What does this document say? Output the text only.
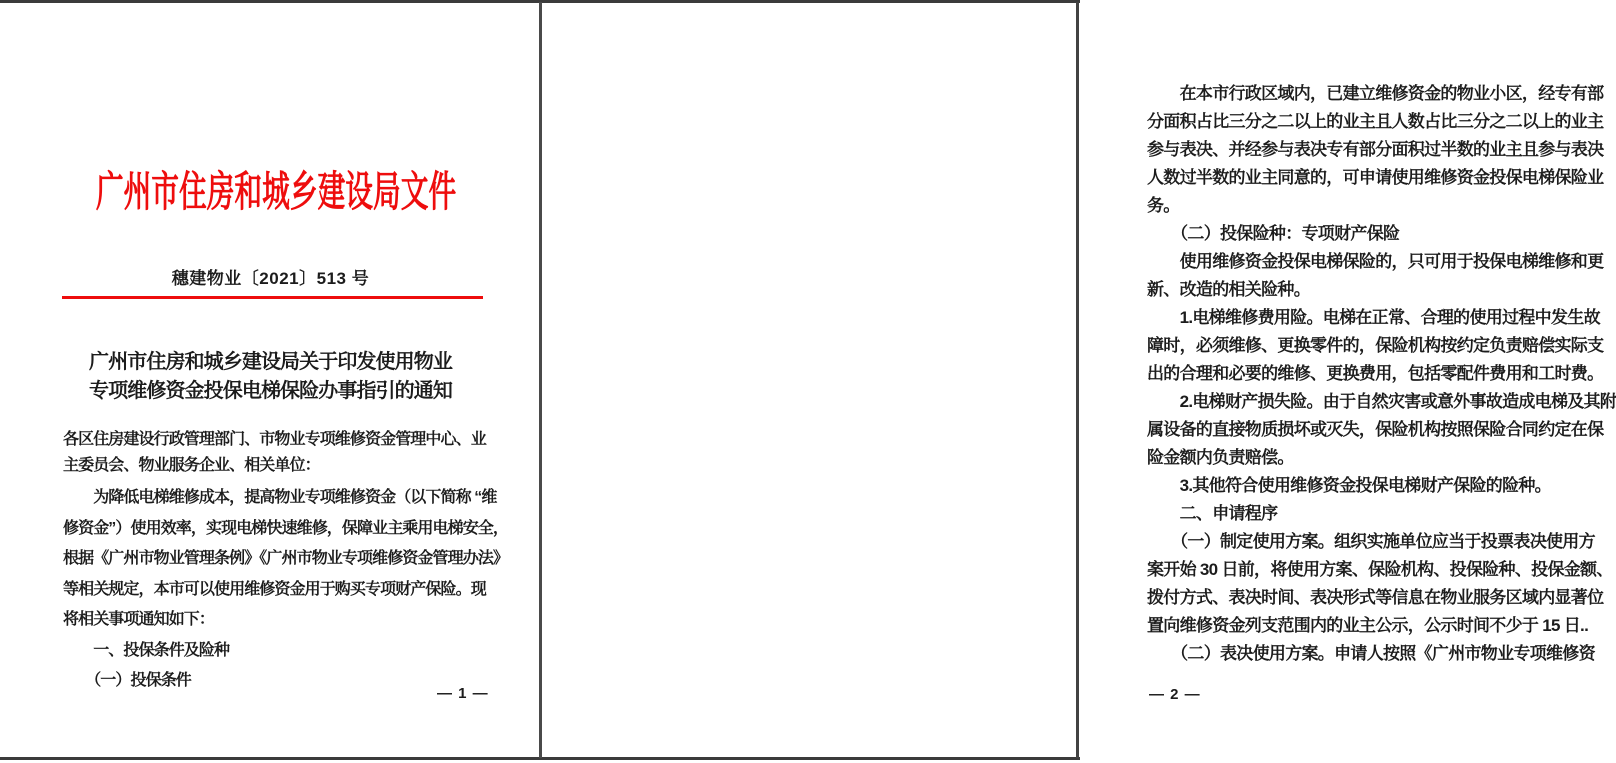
广州市住房和城乡建设局文件
穗建物业〔2021〕513 号
广州市住房和城乡建设局关于印发使用物业
专项维修资金投保电梯保险办事指引的通知
各区住房建设行政管理部门、市物业专项维修资金管理中心、业
主委员会、物业服务企业、相关单位：
　　为降低电梯维修成本，提高物业专项维修资金（以下简称 “维
修资金”）使用效率，实现电梯快速维修，保障业主乘用电梯安全，
根据《广州市物业管理条例》《广州市物业专项维修资金管理办法》
等相关规定，本市可以使用维修资金用于购买专项财产保险。现
将相关事项通知如下：
　　一、投保条件及险种
　　（一）投保条件
— 1 —
　　在本市行政区域内，已建立维修资金的物业小区，经专有部
分面积占比三分之二以上的业主且人数占比三分之二以上的业主
参与表决、并经参与表决专有部分面积过半数的业主且参与表决
人数过半数的业主同意的，可申请使用维修资金投保电梯保险业
务。
　　（二）投保险种：专项财产保险
　　使用维修资金投保电梯保险的，只可用于投保电梯维修和更
新、改造的相关险种。
　　1.电梯维修费用险。电梯在正常、合理的使用过程中发生故
障时，必须维修、更换零件的，保险机构按约定负责赔偿实际支
出的合理和必要的维修、更换费用，包括零配件费用和工时费。
　　2.电梯财产损失险。由于自然灾害或意外事故造成电梯及其附
属设备的直接物质损坏或灭失，保险机构按照保险合同约定在保
险金额内负责赔偿。
　　3.其他符合使用维修资金投保电梯财产保险的险种。
　　二、申请程序
　　（一）制定使用方案。组织实施单位应当于投票表决使用方
案开始 30 日前，将使用方案、保险机构、投保险种、投保金额、
拨付方式、表决时间、表决形式等信息在物业服务区域内显著位
置向维修资金列支范围内的业主公示，公示时间不少于 15 日..
　　（二）表决使用方案。申请人按照《广州市物业专项维修资
— 2 —
